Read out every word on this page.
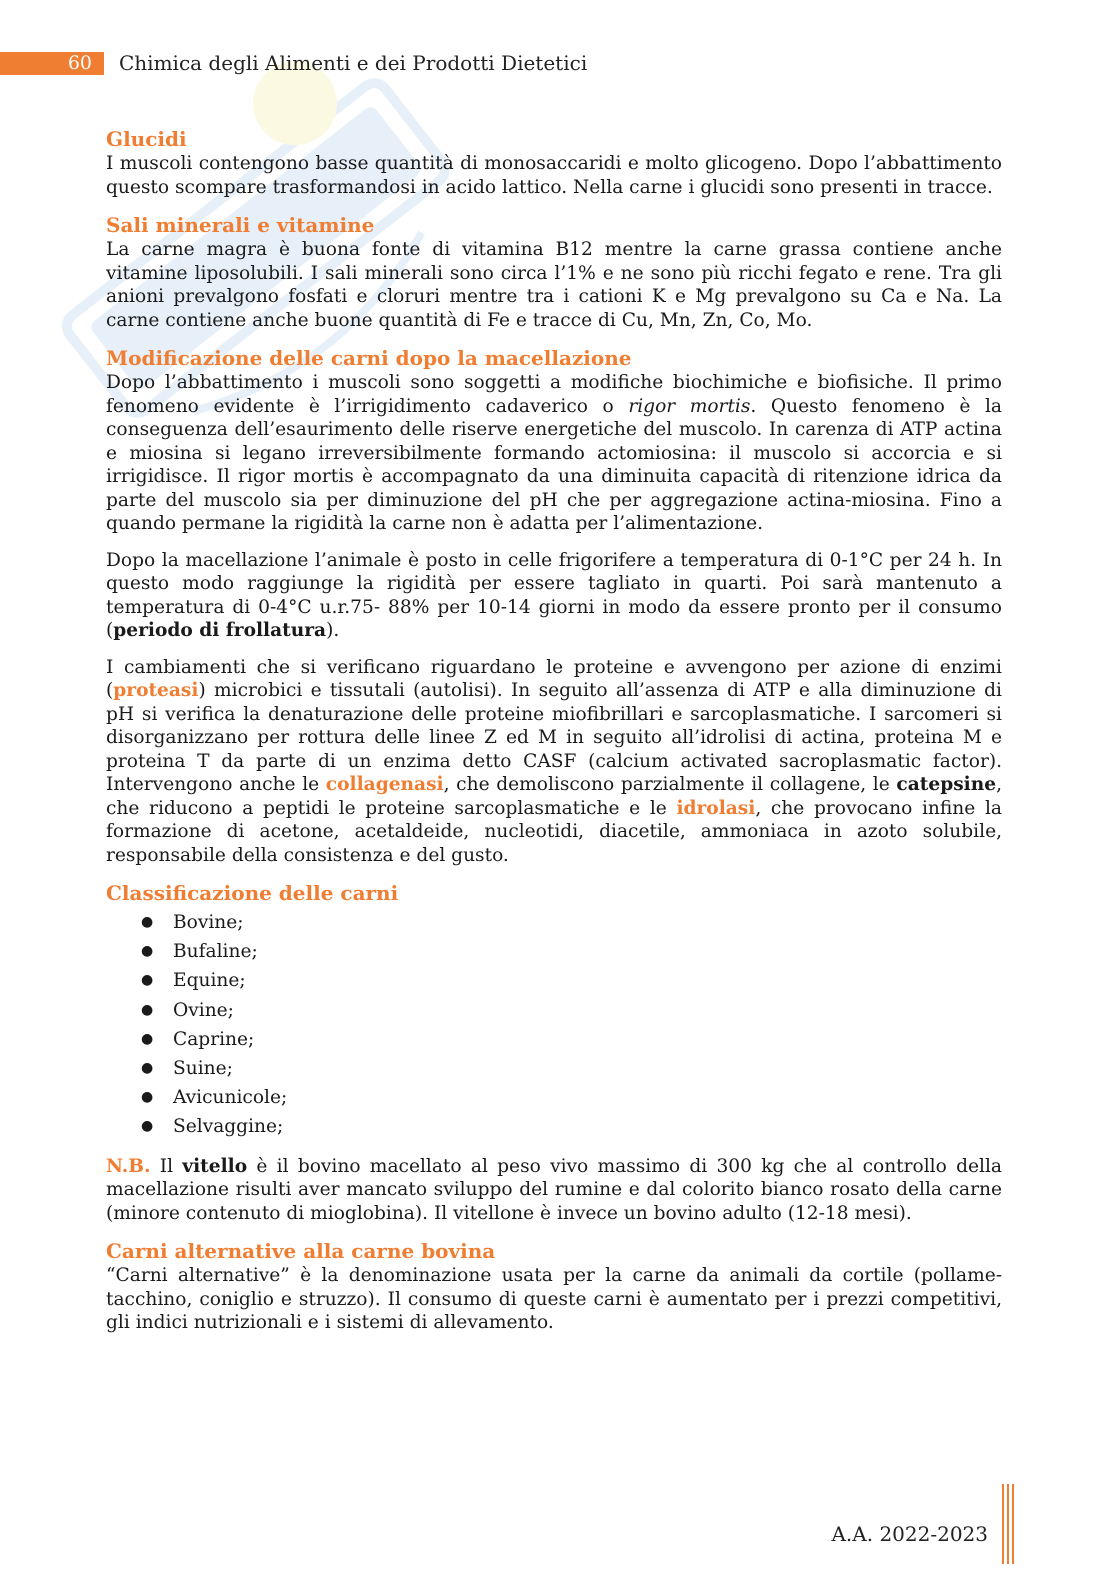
60	Chimica degli Alimenti e dei Prodotti Dietetici
Glucidi

I muscoli contengono basse quantità di monosaccaridi e molto glicogeno. Dopo l’abbattimento questo scompare trasformandosi in acido lattico. Nella carne i glucidi sono presenti in tracce.

Sali minerali e vitamine

La carne magra è buona fonte di vitamina B12 mentre la carne grassa contiene anche vitamine liposolubili. I sali minerali sono circa l’1% e ne sono più ricchi fegato e rene. Tra gli anioni prevalgono fosfati e cloruri mentre tra i cationi K e Mg prevalgono su Ca e Na. La carne contiene anche buone quantità di Fe e tracce di Cu, Mn, Zn, Co, Mo.

Modificazione delle carni dopo la macellazione

Dopo l’abbattimento i muscoli sono soggetti a modifiche biochimiche e biofisiche. Il primo fenomeno evidente è l’irrigidimento cadaverico o rigor mortis. Questo fenomeno è la conseguenza dell’esaurimento delle riserve energetiche del muscolo. In carenza di ATP actina e miosina si legano irreversibilmente formando actomiosina: il muscolo si accorcia e si irrigidisce. Il rigor mortis è accompagnato da una diminuita capacità di ritenzione idrica da parte del muscolo sia per diminuzione del pH che per aggregazione actina-miosina. Fino a quando permane la rigidità la carne non è adatta per l’alimentazione.

Dopo la macellazione l’animale è posto in celle frigorifere a temperatura di 0-1°C per 24 h. In questo modo raggiunge la rigidità per essere tagliato in quarti. Poi sarà mantenuto a temperatura di 0-4°C u.r.75- 88% per 10-14 giorni in modo da essere pronto per il consumo (periodo di frollatura).

I cambiamenti che si verificano riguardano le proteine e avvengono per azione di enzimi (proteasi) microbici e tissutali (autolisi). In seguito all’assenza di ATP e alla diminuzione di pH si verifica la denaturazione delle proteine miofibrillari e sarcoplasmatiche. I sarcomeri si disorganizzano per rottura delle linee Z ed M in seguito all’idrolisi di actina, proteina M e proteina T da parte di un enzima detto CASF (calcium activated sacroplasmatic factor). Intervengono anche le collagenasi, che demoliscono parzialmente il collagene, le catepsine, che riducono a peptidi le proteine sarcoplasmatiche e le idrolasi, che provocano infine la formazione di acetone, acetaldeide, nucleotidi, diacetile, ammoniaca in azoto solubile, responsabile della consistenza e del gusto.

Classificazione delle carni
● Bovine;
● Bufaline;
● Equine;
● Ovine;
● Caprine;
● Suine;
● Avicunicole;
● Selvaggine;

N.B. Il vitello è il bovino macellato al peso vivo massimo di 300 kg che al controllo della macellazione risulti aver mancato sviluppo del rumine e dal colorito bianco rosato della carne (minore contenuto di mioglobina). Il vitellone è invece un bovino adulto (12-18 mesi).

Carni alternative alla carne bovina

“Carni alternative” è la denominazione usata per la carne da animali da cortile (pollame-tacchino, coniglio e struzzo). Il consumo di queste carni è aumentato per i prezzi competitivi, gli indici nutrizionali e i sistemi di allevamento.

A.A. 2022-2023
